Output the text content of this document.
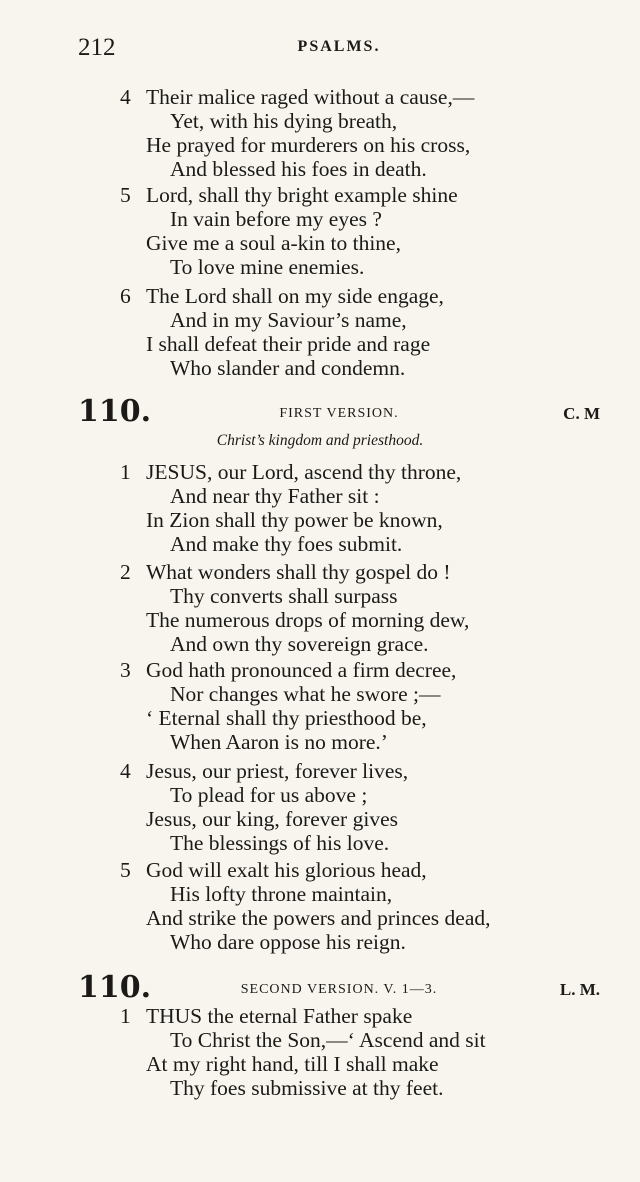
212	PSALMS.
4 Their malice raged without a cause,—
Yet, with his dying breath,
He prayed for murderers on his cross,
And blessed his foes in death.
5 Lord, shall thy bright example shine
In vain before my eyes ?
Give me a soul a-kin to thine,
To love mine enemies.
6 The Lord shall on my side engage,
And in my Saviour’s name,
I shall defeat their pride and rage
Who slander and condemn.
110.	FIRST VERSION.	C. M
Christ’s kingdom and priesthood.
1 JESUS, our Lord, ascend thy throne,
And near thy Father sit :
In Zion shall thy power be known,
And make thy foes submit.
2 What wonders shall thy gospel do !
Thy converts shall surpass
The numerous drops of morning dew,
And own thy sovereign grace.
3 God hath pronounced a firm decree,
Nor changes what he swore ;—
‘ Eternal shall thy priesthood be,
When Aaron is no more.’
4 Jesus, our priest, forever lives,
To plead for us above ;
Jesus, our king, forever gives
The blessings of his love.
5 God will exalt his glorious head,
His lofty throne maintain,
And strike the powers and princes dead,
Who dare oppose his reign.
110.	SECOND VERSION. V. 1—3.	L. M.
1 THUS the eternal Father spake
To Christ the Son,—‘ Ascend and sit
At my right hand, till I shall make
Thy foes submissive at thy feet.
